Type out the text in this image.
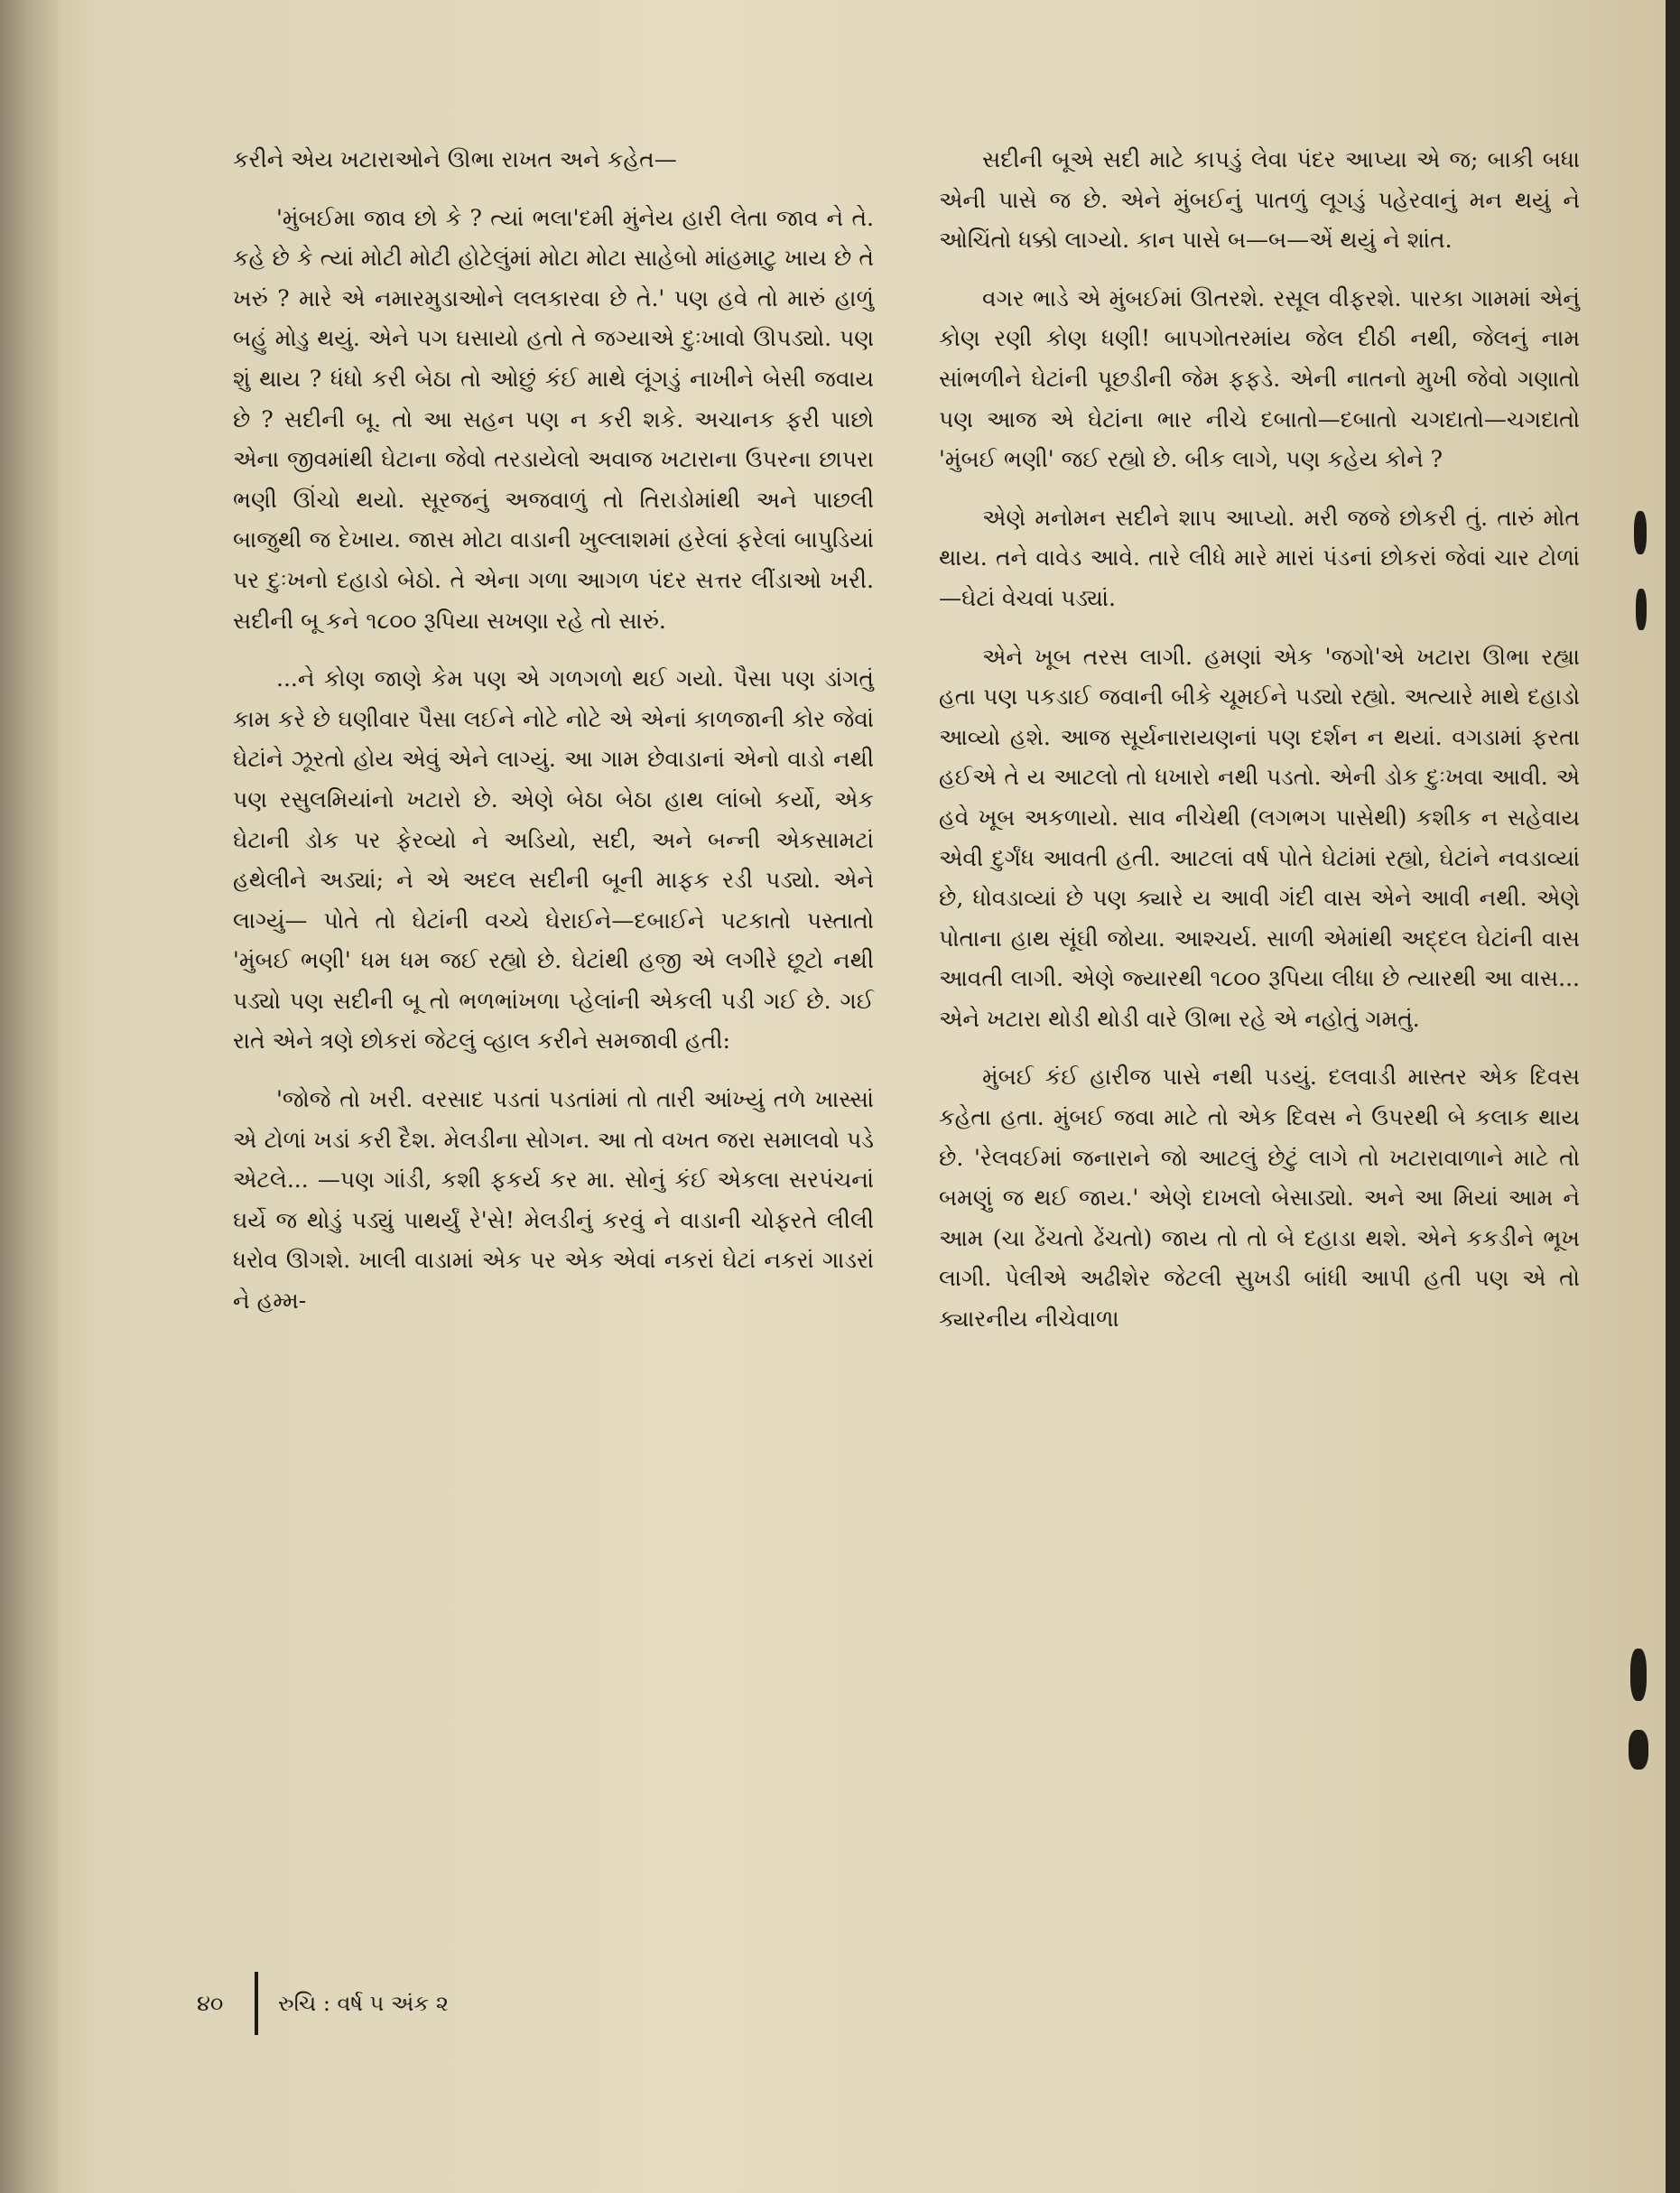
કરીને એય ખટારાઓને ઊભા રાખત અને કહેત—

'મુંબઈમા જાવ છો કે ? ત્યાં ભલા'દમી મુંનેય હારી લેતા જાવ ને તે. કહે છે કે ત્યાં મોટી મોટી હોટેલુંમાં મોટા મોટા સાહેબો માંહમાટુ ખાય છે તે ખરું ? મારે એ નમારમુડાઓને લલકારવા છે તે.' પણ હવે તો મારું હાળું બહું મોડુ થયું. એને પગ ઘસાયો હતો તે જગ્યાએ દુઃખાવો ઊપડ્યો. પણ શું થાય ? ધંધો કરી બેઠા તો ઓછું કંઈ માથે લૂંગડું નાખીને બેસી જવાય છે ? સદીની બૂ. તો આ સહન પણ ન કરી શકે. અચાનક ફરી પાછો એના જીવમાંથી ઘેટાના જેવો તરડાયેલો અવાજ ખટારાના ઉપરના છાપરા ભણી ઊંચો થયો. સૂરજનું અજવાળું તો તિરાડોમાંથી અને પાછલી બાજુથી જ દેખાય. જાસ મોટા વાડાની ખુલ્લાશમાં હરેલાં ફરેલાં બાપુડિયાં પર દુઃખનો દહાડો બેઠો. તે એના ગળા આગળ પંદર સત્તર લીંડાઓ ખરી. સદીની બૂ કને ૧૮૦૦ રૂપિયા સખણા રહે તો સારું.

...ને કોણ જાણે કેમ પણ એ ગળગળો થઈ ગયો. પૈસા પણ ડાંગતું કામ કરે છે ઘણીવાર પૈસા લઈને નોટે નોટે એ એનાં કાળજાની કોર જેવાં ઘેટાંને ઝૂરતો હોય એવું એને લાગ્યું. આ ગામ છેવાડાનાં એનો વાડો નથી પણ રસુલમિયાંનો ખટારો છે. એણે બેઠા બેઠા હાથ લાંબો કર્યો, એક ઘેટાની ડોક પર ફેરવ્યો ને અડિયો, સદી, અને બન્ની એકસામટાં હથેલીને અડ્યાં; ને એ અદલ સદીની બૂની માફક રડી પડ્યો. એને લાગ્યું— પોતે તો ઘેટાંની વચ્ચે ઘેરાઈને—દબાઈને પટકાતો પસ્તાતો 'મુંબઈ ભણી' ધમ ધમ જઈ રહ્યો છે. ઘેટાંથી હજી એ લગીરે છૂટો નથી પડ્યો પણ સદીની બૂ તો ભળભાંખળા પ્હેલાંની એકલી પડી ગઈ છે. ગઈ રાતે એને ત્રણે છોકરાં જેટલું વ્હાલ કરીને સમજાવી હતી:

'જોજે તો ખરી. વરસાદ પડતાં પડતાંમાં તો તારી આંખ્યું તળે ખાસ્સાં એ ટોળાં ખડાં કરી દૈશ. મેલડીના સોગન. આ તો વખત જરા સમાલવો પડે એટલે... —પણ ગાંડી, કશી ફકર્ય કર મા. સોનું કંઈ એકલા સરપંચનાં ઘર્યે જ થોડું પડ્યું પાથર્યું રે'સે! મેલડીનું કરવું ને વાડાની ચોફરતે લીલી ધરોવ ઊગશે. ખાલી વાડામાં એક પર એક એવાં નકરાં ઘેટાં નકરાં ગાડરાં ને હમ્મ-

સદીની બૂએ સદી માટે કાપડું લેવા પંદર આપ્યા એ જ; બાકી બધા એની પાસે જ છે. એને મુંબઈનું પાતળું લૂગડું પહેરવાનું મન થયું ને ઓચિંતો ધક્કો લાગ્યો. કાન પાસે બ—બ—એં થયું ને શાંત.

વગર ભાડે એ મુંબઈમાં ઊતરશે. રસૂલ વીફરશે. પારકા ગામમાં એનું કોણ રણી કોણ ધણી! બાપગોતરમાંય જેલ દીઠી નથી, જેલનું નામ સાંભળીને ઘેટાંની પૂછડીની જેમ ફફડે. એની નાતનો મુખી જેવો ગણાતો પણ આજ એ ઘેટાંના ભાર નીચે દબાતો—દબાતો ચગદાતો—ચગદાતો 'મુંબઈ ભણી' જઈ રહ્યો છે. બીક લાગે, પણ કહેય કોને ?

એણે મનોમન સદીને શાપ આપ્યો. મરી જજે છોકરી તું. તારું મોત થાય. તને વાવેડ આવે. તારે લીધે મારે મારાં પંડનાં છોકરાં જેવાં ચાર ટોળાં—ઘેટાં વેચવાં પડ્યાં.

એને ખૂબ તરસ લાગી. હમણાં એક 'જગો'એ ખટારા ઊભા રહ્યા હતા પણ પકડાઈ જવાની બીકે ચૂમઈને પડ્યો રહ્યો. અત્યારે માથે દહાડો આવ્યો હશે. આજ સૂર્યનારાયણનાં પણ દર્શન ન થયાં. વગડામાં ફરતા હઈએ તે ય આટલો તો ધખારો નથી પડતો. એની ડોક દુઃખવા આવી. એ હવે ખૂબ અકળાયો. સાવ નીચેથી (લગભગ પાસેથી) કશીક ન સહેવાય એવી દુર્ગંધ આવતી હતી. આટલાં વર્ષ પોતે ઘેટાંમાં રહ્યો, ઘેટાંને નવડાવ્યાં છે, ધોવડાવ્યાં છે પણ ક્યારે ય આવી ગંદી વાસ એને આવી નથી. એણે પોતાના હાથ સૂંઘી જોયા. આશ્ચર્ય. સાળી એમાંથી અદ્દલ ઘેટાંની વાસ આવતી લાગી. એણે જ્યારથી ૧૮૦૦ રૂપિયા લીધા છે ત્યારથી આ વાસ... એને ખટારા થોડી થોડી વારે ઊભા રહે એ નહોતું ગમતું.

મુંબઈ કંઈ હારીજ પાસે નથી પડયું. દલવાડી માસ્તર એક દિવસ કહેતા હતા. મુંબઈ જવા માટે તો એક દિવસ ને ઉપરથી બે કલાક થાય છે. 'રેલવઈમાં જનારાને જો આટલું છેટું લાગે તો ખટારાવાળાને માટે તો બમણું જ થઈ જાય.' એણે દાખલો બેસાડ્યો. અને આ મિયાં આમ ને આમ (ચા ઢેંચતો ઢેંચતો) જાય તો તો બે દહાડા થશે. એને કકડીને ભૂખ લાગી. પેલીએ અઢીશેર જેટલી સુખડી બાંધી આપી હતી પણ એ તો ક્યારનીય નીચેવાળા

૪૦	રુચિ : વર્ષ ૫ અંક ૨
